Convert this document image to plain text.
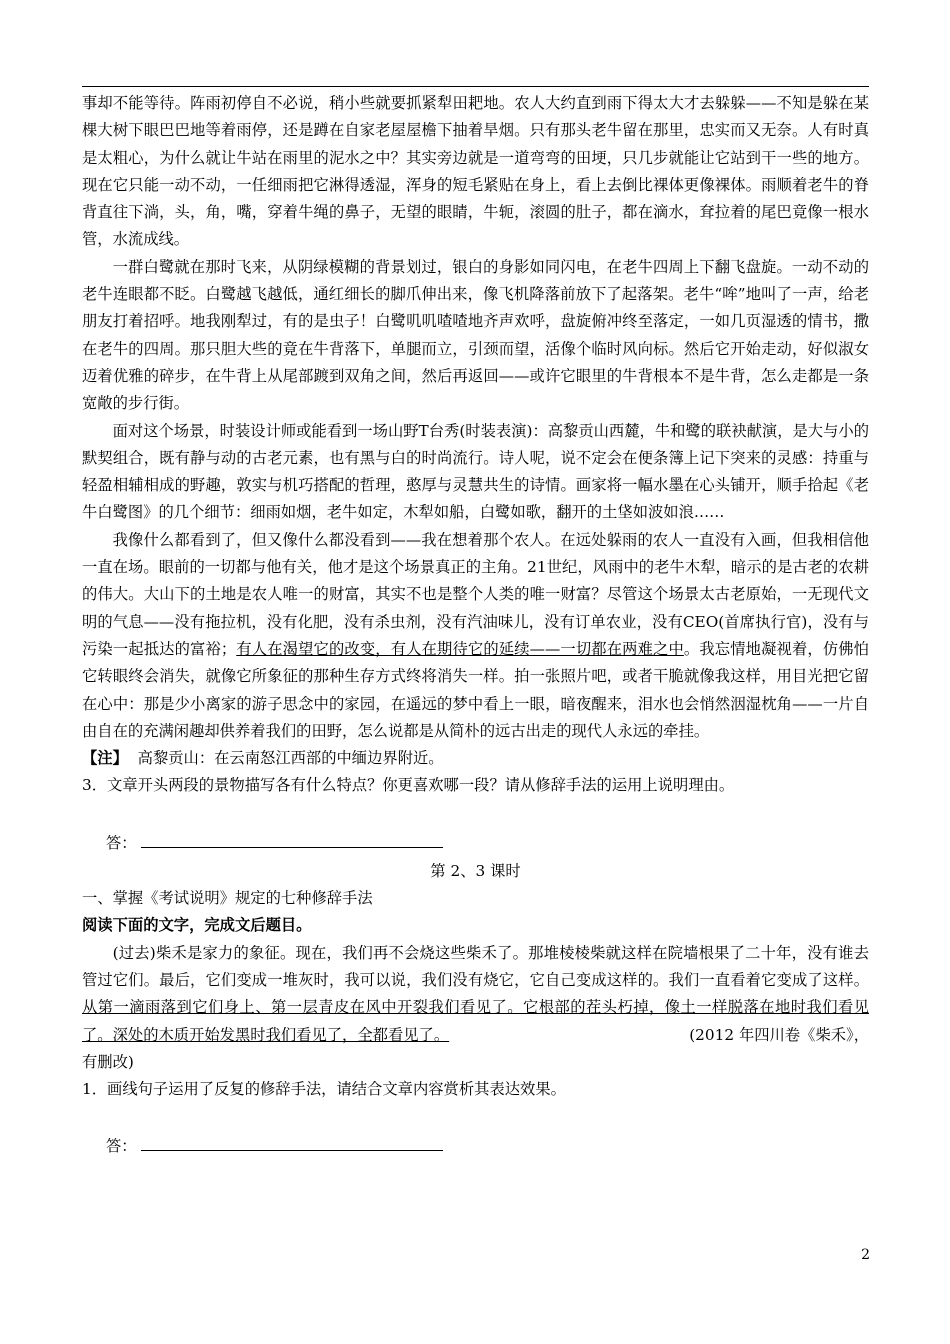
事却不能等待。阵雨初停自不必说，稍小些就要抓紧犁田耙地。农人大约直到雨下得太大才去躲躲——不知是躲在某棵大树下眼巴巴地等着雨停，还是蹲在自家老屋屋檐下抽着旱烟。只有那头老牛留在那里，忠实而又无奈。人有时真是太粗心，为什么就让牛站在雨里的泥水之中？其实旁边就是一道弯弯的田埂，只几步就能让它站到干一些的地方。现在它只能一动不动，一任细雨把它淋得透湿，浑身的短毛紧贴在身上，看上去倒比裸体更像裸体。雨顺着老牛的脊背直往下淌，头，角，嘴，穿着牛绳的鼻子，无望的眼睛，牛轭，滚圆的肚子，都在滴水，耷拉着的尾巴竟像一根水管，水流成线。

一群白鹭就在那时飞来，从阴绿模糊的背景划过，银白的身影如同闪电，在老牛四周上下翻飞盘旋。一动不动的老牛连眼都不眨。白鹭越飞越低，通红细长的脚爪伸出来，像飞机降落前放下了起落架。老牛“哞”地叫了一声，给老朋友打着招呼。地我刚犁过，有的是虫子！白鹭叽叽喳喳地齐声欢呼，盘旋俯冲终至落定，一如几页湿透的情书，撒在老牛的四周。那只胆大些的竟在牛背落下，单腿而立，引颈而望，活像个临时风向标。然后它开始走动，好似淑女迈着优雅的碎步，在牛背上从尾部踱到双角之间，然后再返回——或许它眼里的牛背根本不是牛背，怎么走都是一条宽敞的步行街。

面对这个场景，时装设计师或能看到一场山野T台秀(时装表演)：高黎贡山西麓，牛和鹭的联袂献演，是大与小的默契组合，既有静与动的古老元素，也有黑与白的时尚流行。诗人呢，说不定会在便条簿上记下突来的灵感：持重与轻盈相辅相成的野趣，敦实与机巧搭配的哲理，憨厚与灵慧共生的诗情。画家将一幅水墨在心头铺开，顺手拾起《老牛白鹭图》的几个细节：细雨如烟，老牛如定，木犁如船，白鹭如歌，翻开的土垡如波如浪……

我像什么都看到了，但又像什么都没看到——我在想着那个农人。在远处躲雨的农人一直没有入画，但我相信他一直在场。眼前的一切都与他有关，他才是这个场景真正的主角。21世纪，风雨中的老牛木犁，暗示的是古老的农耕的伟大。大山下的土地是农人唯一的财富，其实不也是整个人类的唯一财富？尽管这个场景太古老原始，一无现代文明的气息——没有拖拉机，没有化肥，没有杀虫剂，没有汽油味儿，没有订单农业，没有CEO(首席执行官)，没有与污染一起抵达的富裕；有人在渴望它的改变，有人在期待它的延续——一切都在两难之中。我忘情地凝视着，仿佛怕它转眼终会消失，就像它所象征的那种生存方式终将消失一样。拍一张照片吧，或者干脆就像我这样，用目光把它留在心中：那是少小离家的游子思念中的家园，在遥远的梦中看上一眼，暗夜醒来，泪水也会悄然洇湿枕角——一片自由自在的充满闲趣却供养着我们的田野，怎么说都是从简朴的远古出走的现代人永远的牵挂。

【注】 高黎贡山：在云南怒江西部的中缅边界附近。

3．文章开头两段的景物描写各有什么特点？你更喜欢哪一段？请从修辞手法的运用上说明理由。

答：

第 2、3 课时

一、掌握《考试说明》规定的七种修辞手法

阅读下面的文字，完成文后题目。

(过去)柴禾是家力的象征。现在，我们再不会烧这些柴禾了。那堆棱棱柴就这样在院墙根果了二十年，没有谁去管过它们。最后，它们变成一堆灰时，我可以说，我们没有烧它，它自己变成这样的。我们一直看着它变成了这样。从第一滴雨落到它们身上、第一层青皮在风中开裂我们看见了。它根部的茬头朽掉，像土一样脱落在地时我们看见了。深处的木质开始发黑时我们看见了，全都看见了。	(2012 年四川卷《柴禾》，

有删改)

1．画线句子运用了反复的修辞手法，请结合文章内容赏析其表达效果。

答：
2
